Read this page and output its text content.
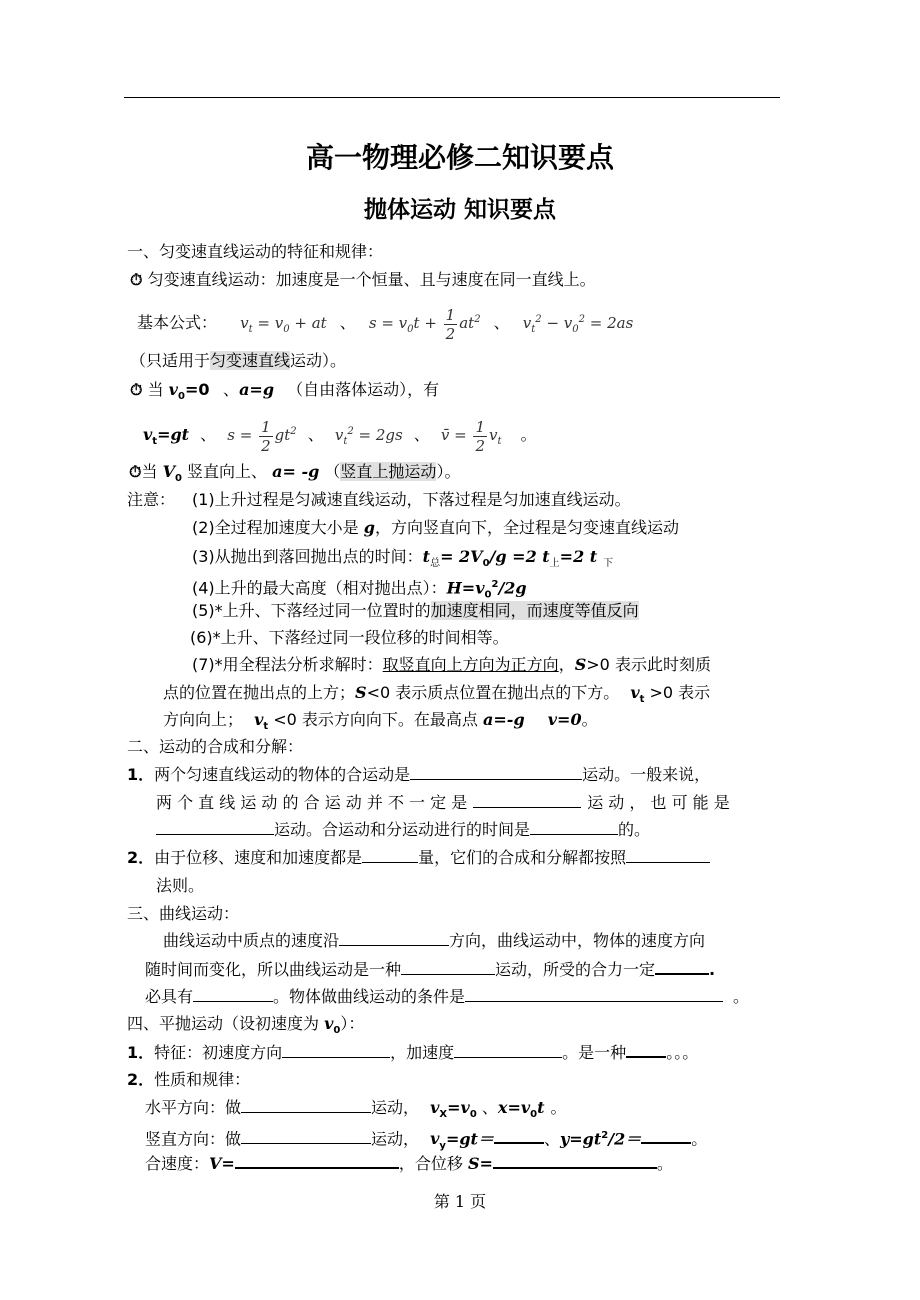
高一物理必修二知识要点
抛体运动 知识要点
一、匀变速直线运动的特征和规律：
⏱ 匀变速直线运动：加速度是一个恒量、且与速度在同一直线上。
基本公式： $v_t = v_0$ + at 、 $s = v_0t + \frac{1}{2} at^2$ 、 $v_t^2 - v_0^2 = 2as$
（只适用于匀变速直线运动）。
⏱ 当 $v_0=0$ 、a=g （自由落体运动），有
$v_t=gt$ 、 $s = \frac{1}{2} gt^2$ 、 $v_t^2 = 2gs$ 、 v̄ = $\frac{1}{2} v_t$ 。
⏱当 $V_0$ 竖直向上、 a= -g （竖直上抛运动）。
注意： (1)上升过程是匀减速直线运动，下落过程是匀加速直线运动。
(2)全过程加速度大小是 g，方向竖直向下，全过程是匀变速直线运动
(3)从抛出到落回抛出点的时间：$t_总= 2V_0/g =2$ $t_上=2$ t $_下$
(4)上升的最大高度（相对抛出点）：$H=v_0^2/2g$
(5)*上升、下落经过同一位置时的加速度相同，而速度等值反向
(6)*上升、下落经过同一段位移的时间相等。
(7)*用全程法分析求解时：取竖直向上方向为正方向，S>0 表示此时刻质
点的位置在抛出点的上方；S<0 表示质点位置在抛出点的下方。 $v_t >0$ 表示
方向向上； $v_t <0$ 表示方向向下。在最高点 a=-g v=0。
二、运动的合成和分解：
1．两个匀速直线运动的物体的合运动是	运动。一般来说，
两 个 直 线 运 动 的 合 运 动 并 不 一 定 是	运 动 ， 也 可 能 是
运动。合运动和分运动进行的时间是	的。
2．由于位移、速度和加速度都是	量，它们的合成和分解都按照
法则。
三、曲线运动：
曲线运动中质点的速度沿	方向，曲线运动中，物体的速度方向
随时间而变化，所以曲线运动是一种	运动，所受的合力一定	.
必具有	。物体做曲线运动的条件是	。
四、平抛运动（设初速度为 $v_0$）：
1．特征：初速度方向	，加速度	。是一种	。。。
2．性质和规律：
水平方向：做	运动， $v_X=v_0$ 、$x=v_0t$ 。
竖直方向：做	运动， $v_y=gt=$	、$y=gt^2/2=$	。
合速度：V=	，合位移 S=	。
第 1 页
